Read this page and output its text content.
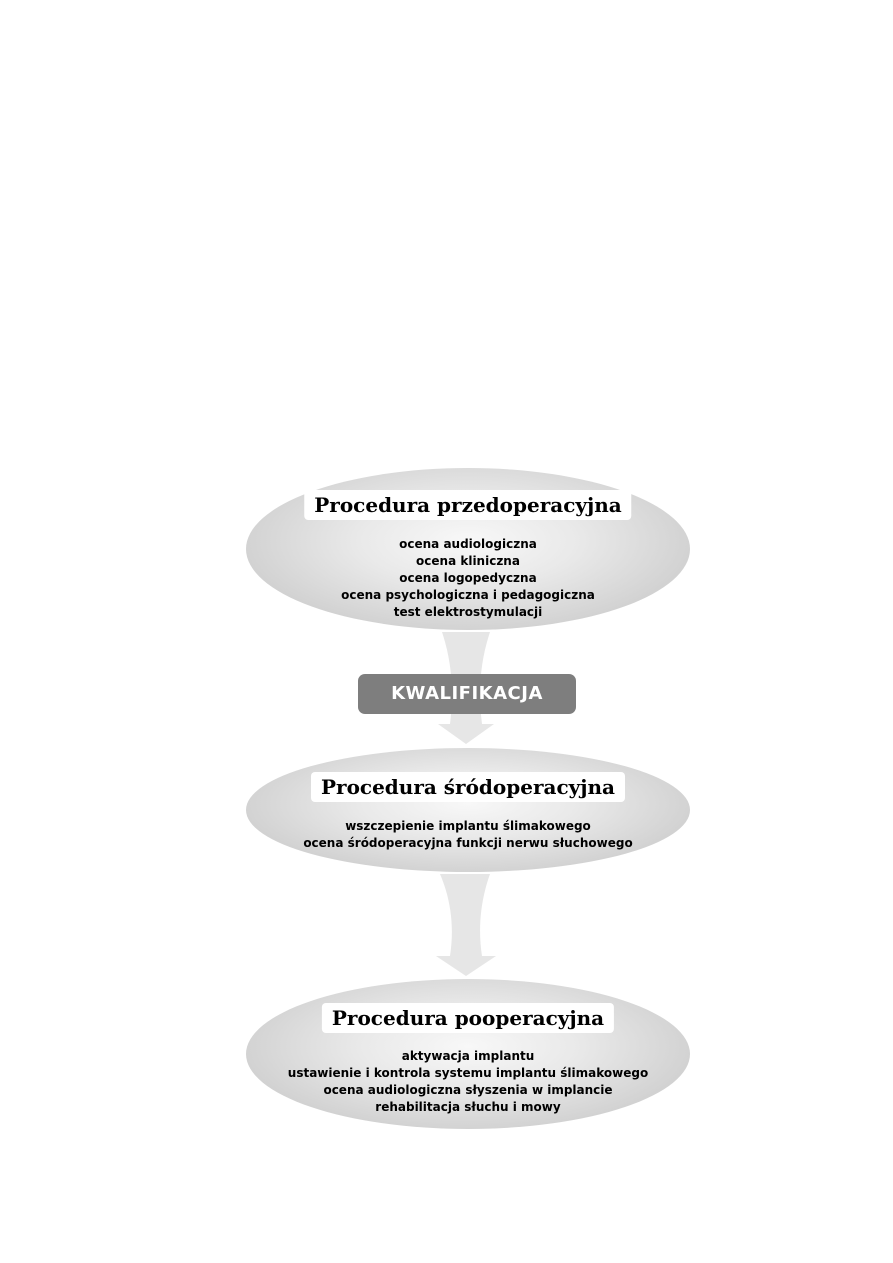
Procedura przedoperacyjna
ocena audiologiczna
ocena kliniczna
ocena logopedyczna
ocena psychologiczna i pedagogiczna
test elektrostymulacji
KWALIFIKACJA
Procedura śródoperacyjna
wszczepienie implantu ślimakowego
ocena śródoperacyjna funkcji nerwu słuchowego
Procedura pooperacyjna
aktywacja implantu
ustawienie i kontrola systemu implantu ślimakowego
ocena audiologiczna słyszenia w implancie
rehabilitacja słuchu i mowy
